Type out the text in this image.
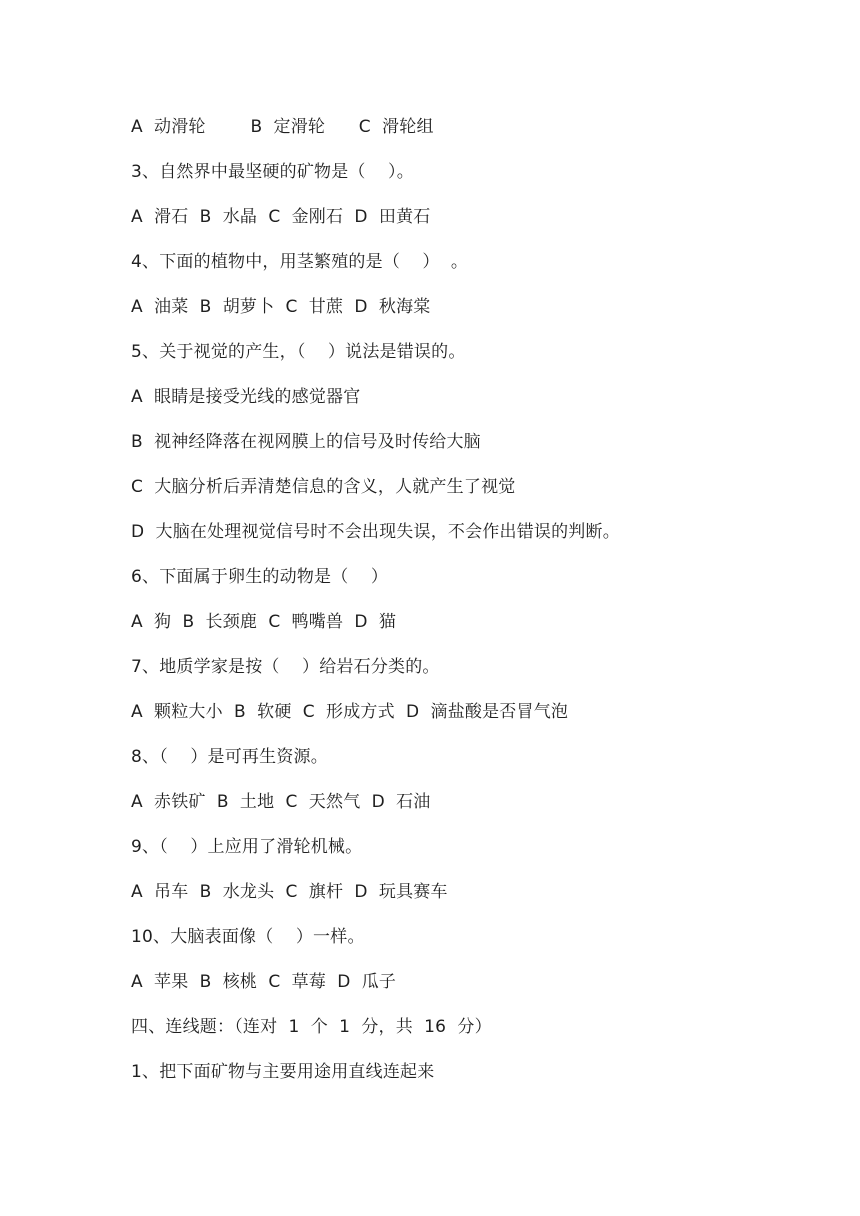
A  动滑轮        B  定滑轮      C  滑轮组
3、自然界中最坚硬的矿物是（    ）。
A  滑石  B  水晶  C  金刚石  D  田黄石
4、下面的植物中，用茎繁殖的是（    ）  。
A  油菜  B  胡萝卜  C  甘蔗  D  秋海棠
5、关于视觉的产生，（    ）说法是错误的。
A  眼睛是接受光线的感觉器官
B  视神经降落在视网膜上的信号及时传给大脑
C  大脑分析后弄清楚信息的含义，人就产生了视觉
D  大脑在处理视觉信号时不会出现失误，不会作出错误的判断。
6、下面属于卵生的动物是（    ）
A  狗  B  长颈鹿  C  鸭嘴兽  D  猫
7、地质学家是按（    ）给岩石分类的。
A  颗粒大小  B  软硬  C  形成方式  D  滴盐酸是否冒气泡
8、（    ）是可再生资源。
A  赤铁矿  B  土地  C  天然气  D  石油
9、（    ）上应用了滑轮机械。
A  吊车  B  水龙头  C  旗杆  D  玩具赛车
10、大脑表面像（    ）一样。
A  苹果  B  核桃  C  草莓  D  瓜子
四、连线题：（连对  1  个  1  分，共  16  分）
1、把下面矿物与主要用途用直线连起来
